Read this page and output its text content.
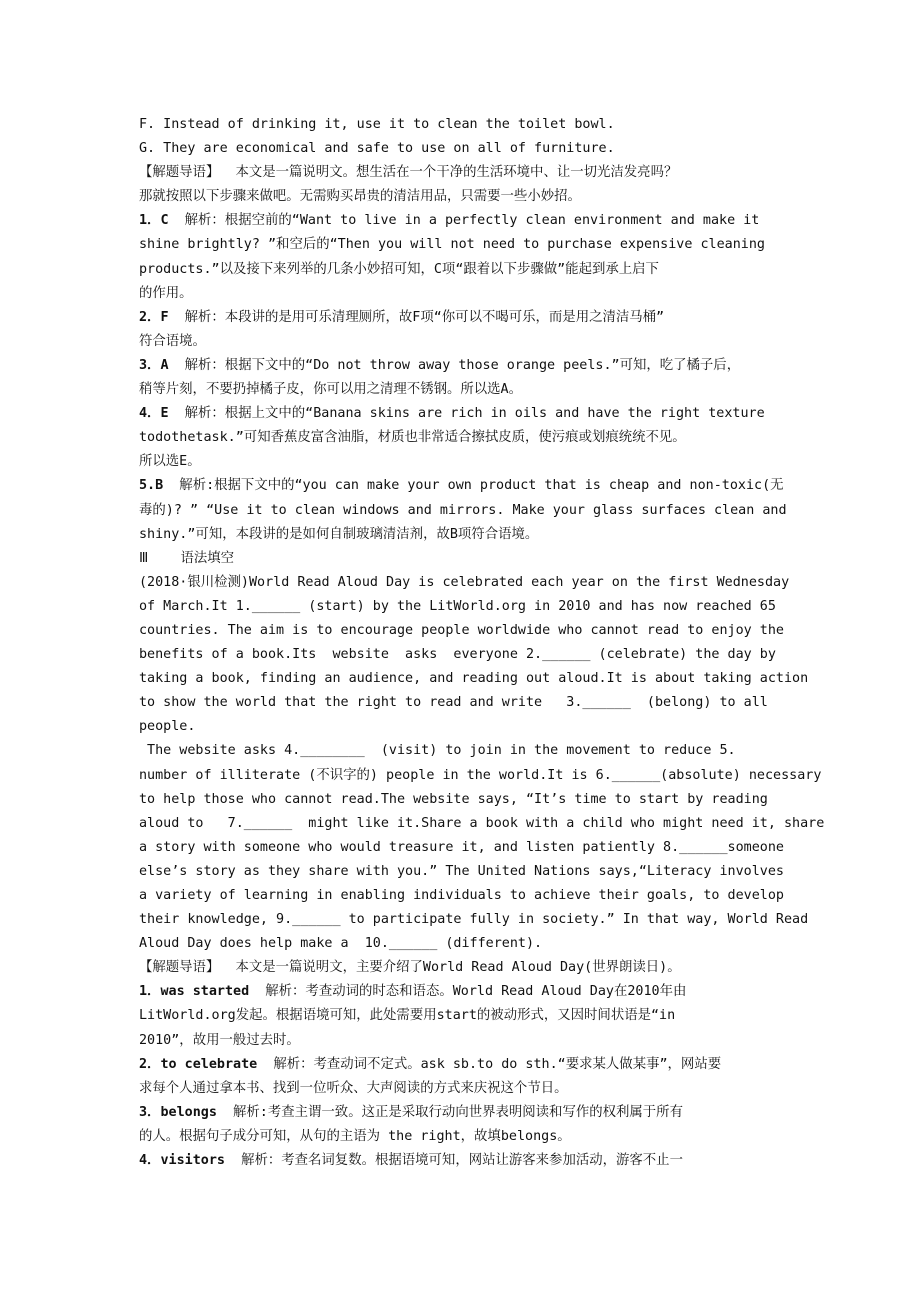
F. Instead of drinking it, use it to clean the toilet bowl.
G. They are economical and safe to use on all of furniture.
【解题导语】  本文是一篇说明文。想生活在一个干净的生活环境中、让一切光洁发亮吗？
那就按照以下步骤来做吧。无需购买昂贵的清洁用品，只需要一些小妙招。
1．C  解析：根据空前的“Want to live in a perfectly clean environment and make it
shine brightly? ”和空后的“Then you will not need to purchase expensive cleaning
products.”以及接下来列举的几条小妙招可知，C项“跟着以下步骤做”能起到承上启下
的作用。
2．F  解析：本段讲的是用可乐清理厕所，故F项“你可以不喝可乐，而是用之清洁马桶”
符合语境。
3．A  解析：根据下文中的“Do not throw away those orange peels.”可知，吃了橘子后，
稍等片刻，不要扔掉橘子皮，你可以用之清理不锈钢。所以选A。
4．E  解析：根据上文中的“Banana skins are rich in oils and have the right texture
todothetask.”可知香蕉皮富含油脂，材质也非常适合擦拭皮质，使污痕或划痕统统不见。
所以选E。
5.B  解析:根据下文中的“you can make your own product that is cheap and non-toxic(无
毒的)? ” “Use it to clean windows and mirrors. Make your glass surfaces clean and
shiny.”可知，本段讲的是如何自制玻璃清洁剂，故B项符合语境。
Ⅲ    语法填空
(2018·银川检测)World Read Aloud Day is celebrated each year on the first Wednesday
of March.It 1.______ (start) by the LitWorld.org in 2010 and has now reached 65
countries. The aim is to encourage people worldwide who cannot read to enjoy the
benefits of a book.Its  website  asks  everyone 2.______ (celebrate) the day by
taking a book, finding an audience, and reading out aloud.It is about taking action
to show the world that the right to read and write   3.______  (belong) to all
people.
The website asks 4.________  (visit) to join in the movement to reduce 5.
number of illiterate (不识字的) people in the world.It is 6.______(absolute) necessary
to help those who cannot read.The website says, “It’s time to start by reading
aloud to   7.______  might like it.Share a book with a child who might need it, share
a story with someone who would treasure it, and listen patiently 8.______someone
else’s story as they share with you.” The United Nations says,“Literacy involves
a variety of learning in enabling individuals to achieve their goals, to develop
their knowledge, 9.______ to participate fully in society.” In that way, World Read
Aloud Day does help make a  10.______ (different).
【解题导语】  本文是一篇说明文，主要介绍了World Read Aloud Day(世界朗读日)。
1．was started  解析：考查动词的时态和语态。World Read Aloud Day在2010年由
LitWorld.org发起。根据语境可知，此处需要用start的被动形式，又因时间状语是“in
2010”，故用一般过去时。
2．to celebrate  解析：考查动词不定式。ask sb.to do sth.“要求某人做某事”，网站要
求每个人通过拿本书、找到一位听众、大声阅读的方式来庆祝这个节日。
3．belongs  解析:考查主谓一致。这正是采取行动向世界表明阅读和写作的权利属于所有
的人。根据句子成分可知，从句的主语为 the right，故填belongs。
4．visitors  解析：考查名词复数。根据语境可知，网站让游客来参加活动，游客不止一
